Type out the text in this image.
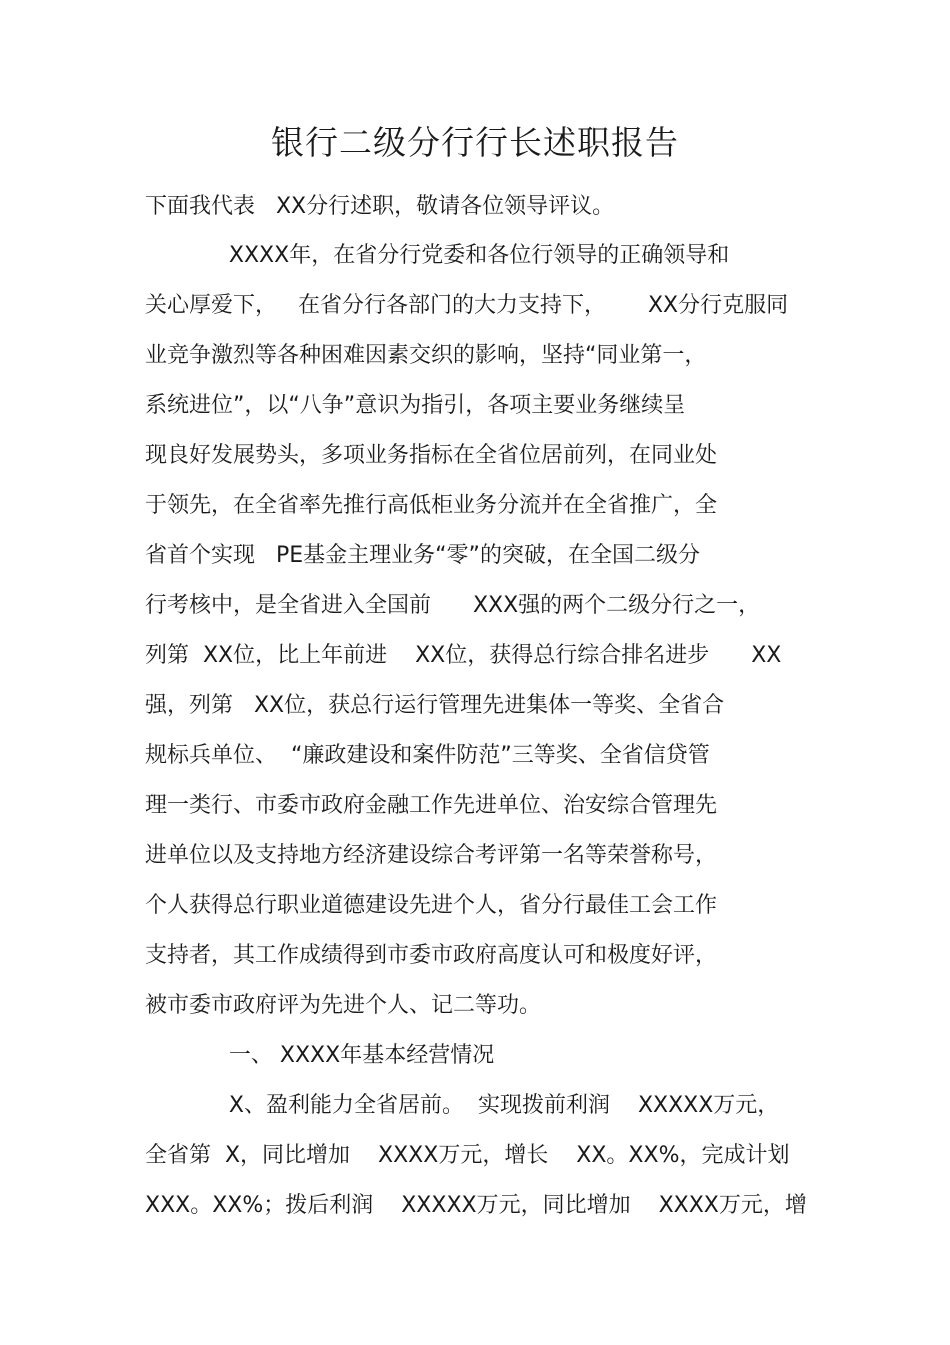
银行二级分行行长述职报告
下面我代表   XX分行述职，敬请各位领导评议。
XXXX年，在省分行党委和各位行领导的正确领导和
关心厚爱下，   在省分行各部门的大力支持下，      XX分行克服同
业竞争激烈等各种困难因素交织的影响，坚持“同业第一，
系统进位”，以“八争”意识为指引，各项主要业务继续呈
现良好发展势头，多项业务指标在全省位居前列，在同业处
于领先，在全省率先推行高低柜业务分流并在全省推广，全
省首个实现   PE基金主理业务“零”的突破，在全国二级分
行考核中，是全省进入全国前      XXX强的两个二级分行之一，
列第  XX位，比上年前进    XX位，获得总行综合排名进步      XX
强，列第   XX位，获总行运行管理先进集体一等奖、全省合
规标兵单位、  “廉政建设和案件防范”三等奖、全省信贷管
理一类行、市委市政府金融工作先进单位、治安综合管理先
进单位以及支持地方经济建设综合考评第一名等荣誉称号，
个人获得总行职业道德建设先进个人，省分行最佳工会工作
支持者，其工作成绩得到市委市政府高度认可和极度好评，
被市委市政府评为先进个人、记二等功。
一、 XXXX年基本经营情况
X、盈利能力全省居前。  实现拨前利润    XXXXX万元，
全省第  X，同比增加    XXXX万元，增长    XX。XX%，完成计划
XXX。XX%；拨后利润    XXXXX万元，同比增加    XXXX万元，增
